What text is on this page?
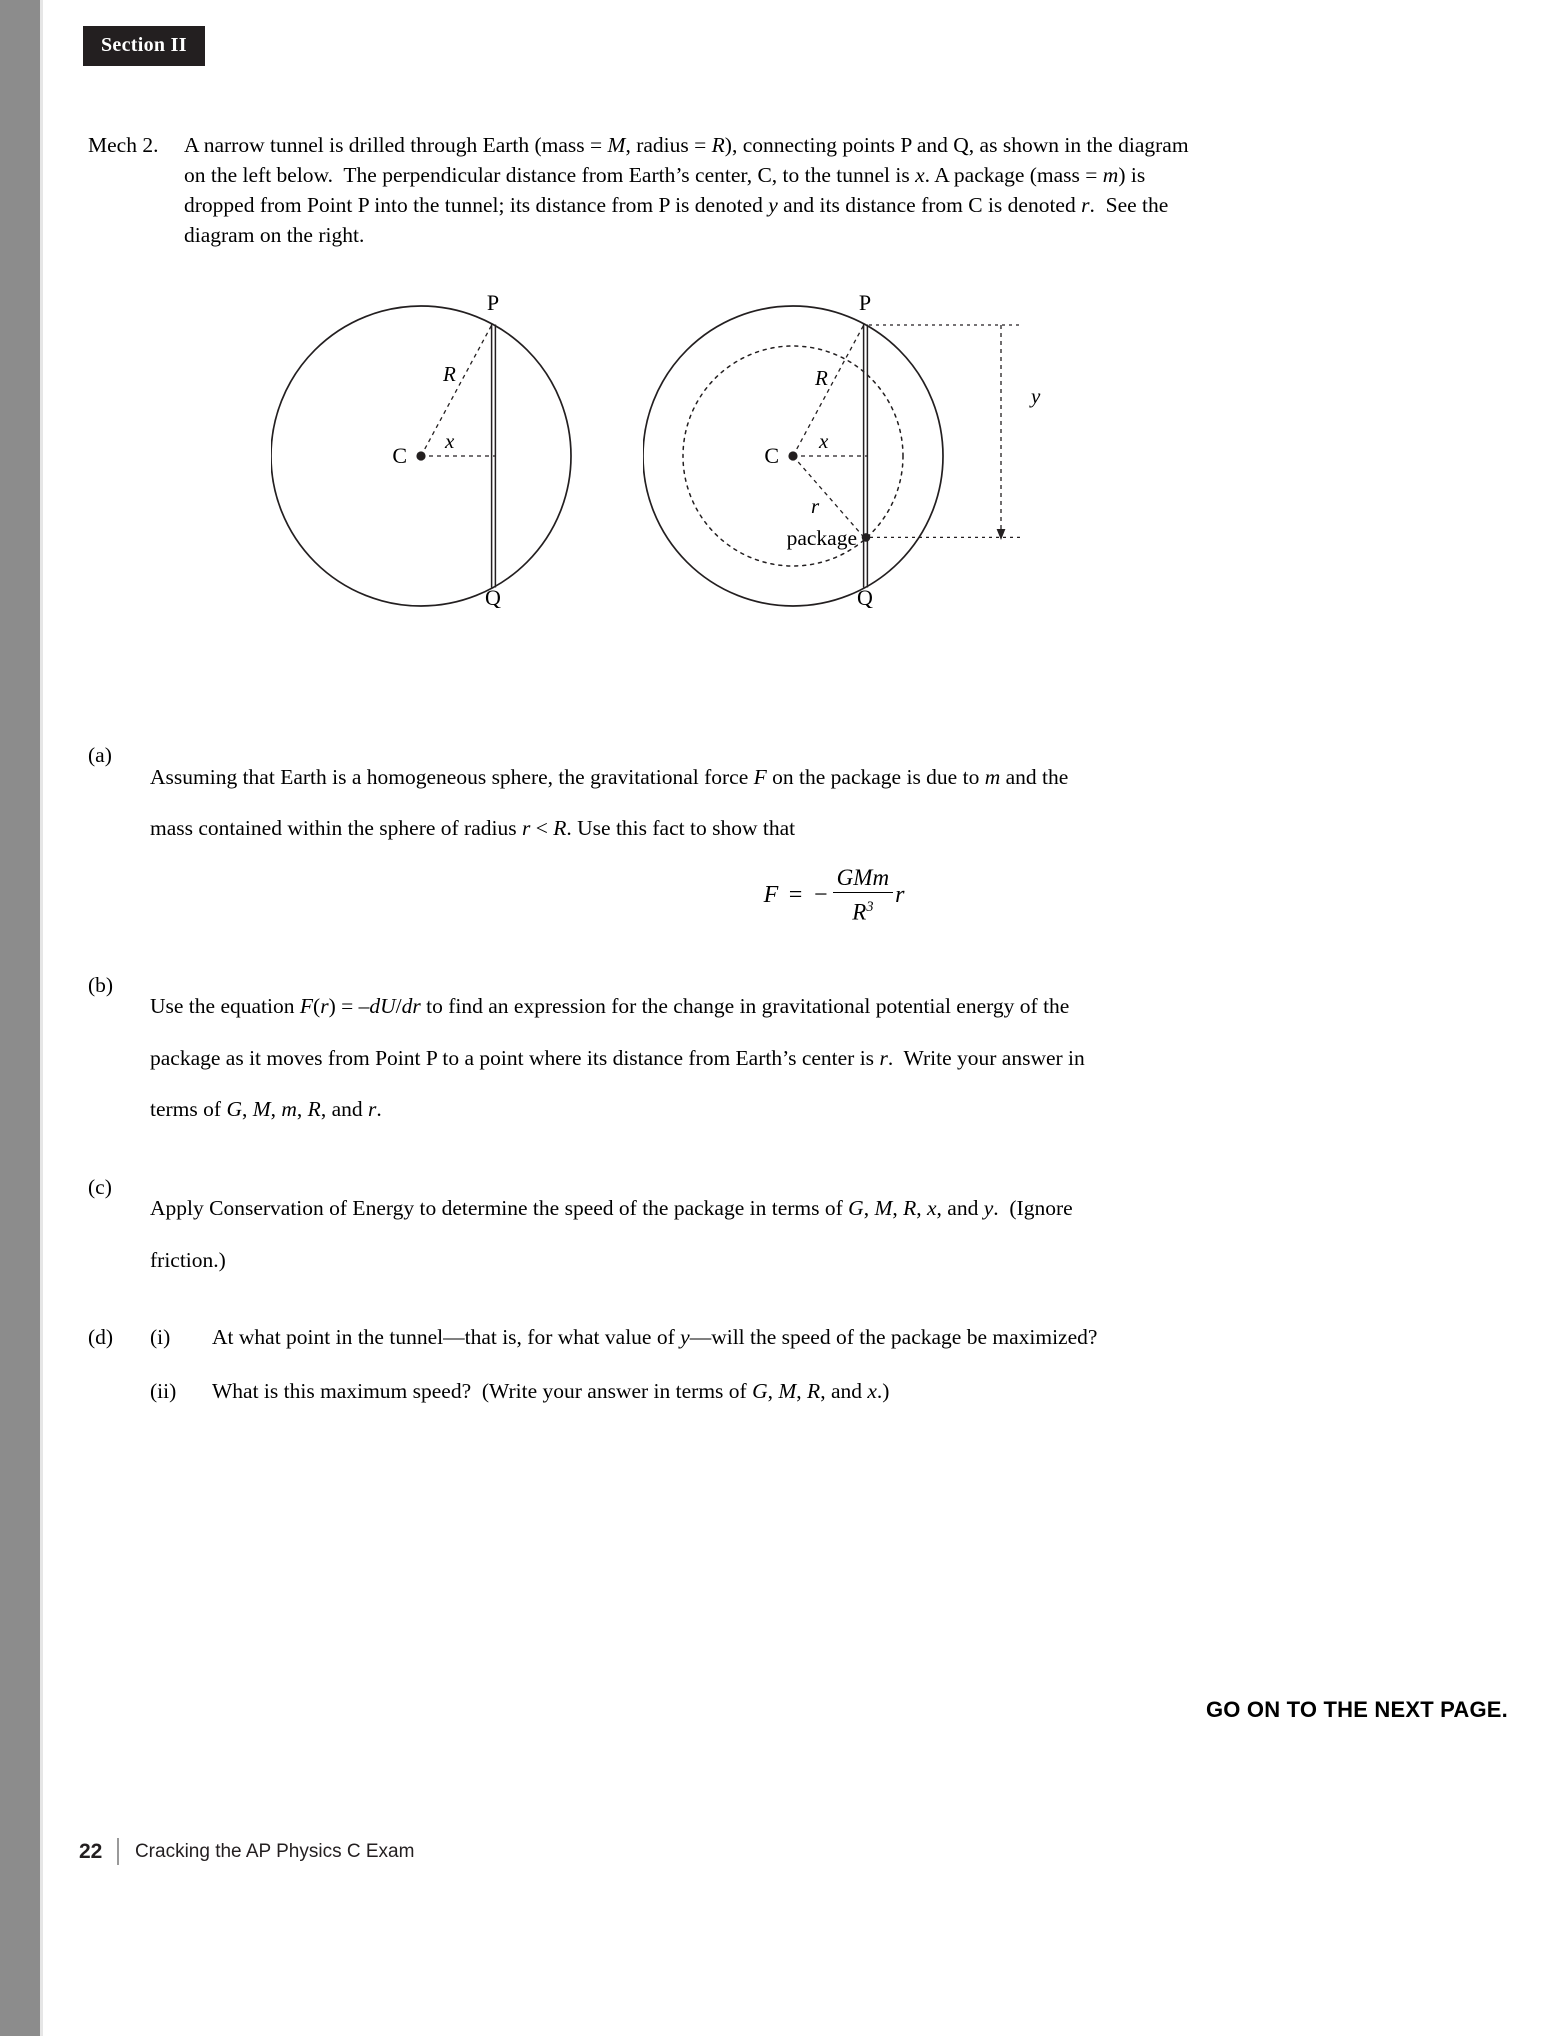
Section II
Mech 2.	A narrow tunnel is drilled through Earth (mass = M, radius = R), connecting points P and Q, as shown in the diagram

on the left below.  The perpendicular distance from Earth’s center, C, to the tunnel is x. A package (mass = m) is

dropped from Point P into the tunnel; its distance from P is denoted y and its distance from C is denoted r.  See the

diagram on the right.

C
x
R
P
Q
C
x
R
r
P
Q
package
y
(a)

Assuming that Earth is a homogeneous sphere, the gravitational force F on the package is due to m and the

mass contained within the sphere of radius r < R. Use this fact to show that

F = − $\frac{\text{GMm}}{R^3}$ r
(b)

Use the equation F(r) = –dU/dr to find an expression for the change in gravitational potential energy of the

package as it moves from Point P to a point where its distance from Earth’s center is r.  Write your answer in

terms of G, M, m, R, and r.

(c)

Apply Conservation of Energy to determine the speed of the package in terms of G, M, R, x, and y.  (Ignore

friction.)

(d)	(i)	At what point in the tunnel—that is, for what value of y—will the speed of the package be maximized?
(ii)	What is this maximum speed?  (Write your answer in terms of G, M, R, and x.)
GO ON TO THE NEXT PAGE.
22 Cracking the AP Physics C Exam
